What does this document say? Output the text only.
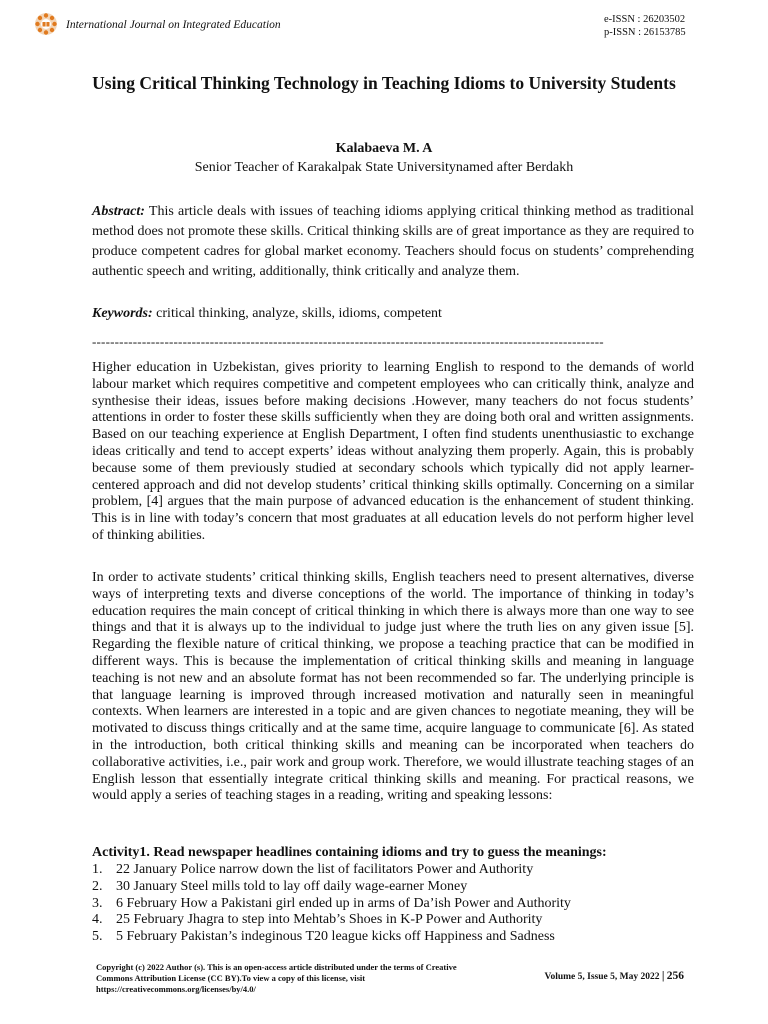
International Journal on Integrated Education	e-ISSN : 26203502
p-ISSN : 26153785
Using Critical Thinking Technology in Teaching Idioms to University Students
Kalabaeva M. A
Senior Teacher of Karakalpak State Universitynamed after Berdakh
Abstract: This article deals with issues of teaching idioms applying critical thinking method as traditional method does not promote these skills. Critical thinking skills are of great importance as they are required to produce competent cadres for global market economy. Teachers should focus on students’ comprehending authentic speech and writing, additionally, think critically and analyze them.
Keywords: critical thinking, analyze, skills, idioms, competent
-----------------------------------------------------------------------------------------------------------------
Higher education in Uzbekistan, gives priority to learning English to respond to the demands of world labour market which requires competitive and competent employees who can critically think, analyze and synthesise their ideas, issues before making decisions .However, many teachers do not focus students’ attentions in order to foster these skills sufficiently when they are doing both oral and written assignments. Based on our teaching experience at English Department, I often find students unenthusiastic to exchange ideas critically and tend to accept experts’ ideas without analyzing them properly. Again, this is probably because some of them previously studied at secondary schools which typically did not apply learner-centered approach and did not develop students’ critical thinking skills optimally. Concerning on a similar problem, [4] argues that the main purpose of advanced education is the enhancement of student thinking. This is in line with today’s concern that most graduates at all education levels do not perform higher level of thinking abilities.
In order to activate students’ critical thinking skills, English teachers need to present alternatives, diverse ways of interpreting texts and diverse conceptions of the world. The importance of thinking in today’s education requires the main concept of critical thinking in which there is always more than one way to see things and that it is always up to the individual to judge just where the truth lies on any given issue [5]. Regarding the flexible nature of critical thinking, we propose a teaching practice that can be modified in different ways. This is because the implementation of critical thinking skills and meaning in language teaching is not new and an absolute format has not been recommended so far. The underlying principle is that language learning is improved through increased motivation and naturally seen in meaningful contexts. When learners are interested in a topic and are given chances to negotiate meaning, they will be motivated to discuss things critically and at the same time, acquire language to communicate [6]. As stated in the introduction, both critical thinking skills and meaning can be incorporated when teachers do collaborative activities, i.e., pair work and group work. Therefore, we would illustrate teaching stages of an English lesson that essentially integrate critical thinking skills and meaning. For practical reasons, we would apply a series of teaching stages in a reading, writing and speaking lessons:
Activity1. Read newspaper headlines containing idioms and try to guess the meanings:
1. 22 January Police narrow down the list of facilitators Power and Authority
2. 30 January Steel mills told to lay off daily wage-earner Money
3. 6 February How a Pakistani girl ended up in arms of Da’ish Power and Authority
4. 25 February Jhagra to step into Mehtab’s Shoes in K-P Power and Authority
5. 5 February Pakistan’s indeginous T20 league kicks off Happiness and Sadness
Copyright (c) 2022 Author (s). This is an open-access article distributed under the terms of Creative Commons Attribution License (CC BY).To view a copy of this license, visit https://creativecommons.org/licenses/by/4.0/
Volume 5, Issue 5, May 2022 | 256
